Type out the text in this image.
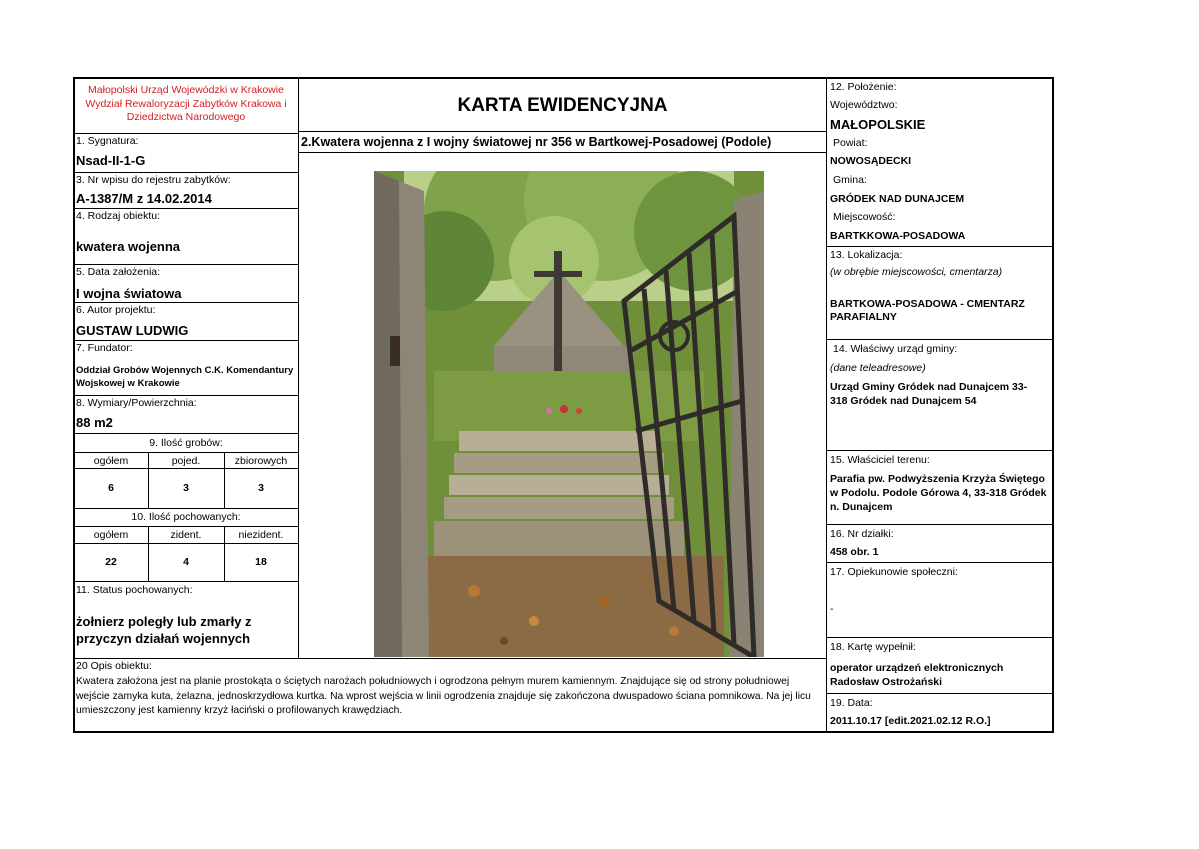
Małopolski Urząd Wojewódzki w Krakowie Wydział Rewaloryzacji Zabytków Krakowa i Dziedzictwa Narodowego
KARTA EWIDENCYJNA
2.Kwatera wojenna z I wojny światowej nr 356 w Bartkowej-Posadowej (Podole)
1. Sygnatura:
Nsad-II-1-G
3. Nr wpisu do rejestru zabytków:
A-1387/M z 14.02.2014
4. Rodzaj obiektu:
kwatera wojenna
5. Data założenia:
I wojna światowa
6. Autor projektu:
GUSTAW LUDWIG
7. Fundator:
Oddział Grobów Wojennych C.K. Komendantury Wojskowej w Krakowie
8. Wymiary/Powierzchnia:
88 m2
9. Ilość grobów:
ogółem	pojed.	zbiorowych
6	3	3
10. Ilość pochowanych:
ogółem	zident.	niezident.
22	4	18
11. Status pochowanych:
żołnierz poległy lub zmarły z przyczyn działań wojennych
20 Opis obiektu:
Kwatera założona jest na planie prostokąta o ściętych narożach południowych i ogrodzona pełnym murem kamiennym. Znajdujące się od strony południowej wejście zamyka kuta, żelazna, jednoskrzydłowa kurtka. Na wprost wejścia w linii ogrodzenia znajduje się zakończona dwuspadowo ściana pomnikowa. Na jej licu umieszczony jest kamienny krzyż łaciński o profilowanych krawędziach.
12. Położenie:
Województwo:
MAŁOPOLSKIE
Powiat:
NOWOSĄDECKI
Gmina:
GRÓDEK NAD DUNAJCEM
Miejscowość:
BARTKKOWA-POSADOWA
13. Lokalizacja:
(w obrębie miejscowości, cmentarza)
BARTKOWA-POSADOWA - CMENTARZ PARAFIALNY
14. Właściwy urząd gminy:
(dane teleadresowe)
Urząd Gminy Gródek nad Dunajcem 33-318 Gródek nad Dunajcem 54
15. Właściciel terenu:
Parafia pw. Podwyższenia Krzyża Świętego w Podolu. Podole Górowa 4, 33-318 Gródek n. Dunajcem
16. Nr działki:
458 obr. 1
17. Opiekunowie społeczni:
-
18. Kartę wypełnił:
operator urządzeń elektronicznych Radosław Ostrożański
19. Data:
2011.10.17 [edit.2021.02.12 R.O.]
